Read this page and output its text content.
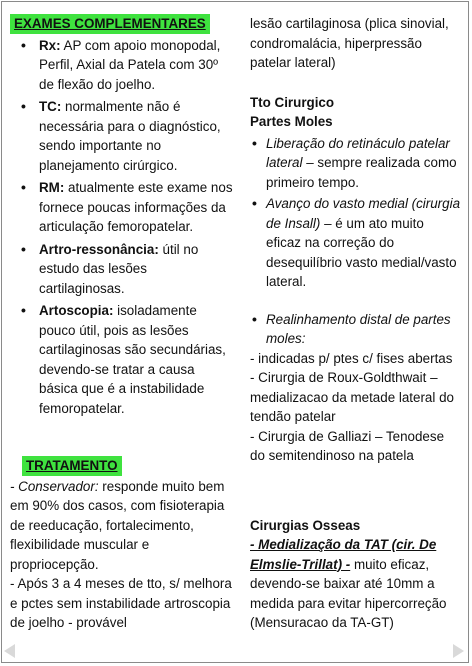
EXAMES COMPLEMENTARES
• Rx: AP com apoio monopodal, Perfil, Axial da Patela com 30º de flexão do joelho.
• TC: normalmente não é necessária para o diagnóstico, sendo importante no planejamento cirúrgico.
• RM: atualmente este exame nos fornece poucas informações da articulação femoropatelar.
• Artro-ressonância: útil no estudo das lesões cartilaginosas.
• Artoscopia: isoladamente pouco útil, pois as lesões cartilaginosas são secundárias, devendo-se tratar a causa básica que é a instabilidade femoropatelar.
TRATAMENTO
- Conservador: responde muito bem em 90% dos casos, com fisioterapia de reeducação, fortalecimento, flexibilidade muscular e propriocepção.
- Após 3 a 4 meses de tto, s/ melhora e pctes sem instabilidade artroscopia de joelho - provável
lesão cartilaginosa (plica sinovial, condromalácia, hiperpressão patelar lateral)
Tto Cirurgico
Partes Moles
• Liberação do retináculo patelar lateral – sempre realizada como primeiro tempo.
• Avanço do vasto medial (cirurgia de Insall) – é um ato muito eficaz na correção do desequilíbrio vasto medial/vasto lateral.
• Realinhamento distal de partes moles:
- indicadas p/ ptes c/ fises abertas
- Cirurgia de Roux-Goldthwait – medializacao da metade lateral do tendão patelar
- Cirurgia de Galliazi – Tenodese do semitendinoso na patela
Cirurgias Osseas
- Medialização da TAT (cir. De Elmslie-Trillat) - muito eficaz, devendo-se baixar até 10mm a medida para evitar hipercorreção (Mensuracao da TA-GT)
